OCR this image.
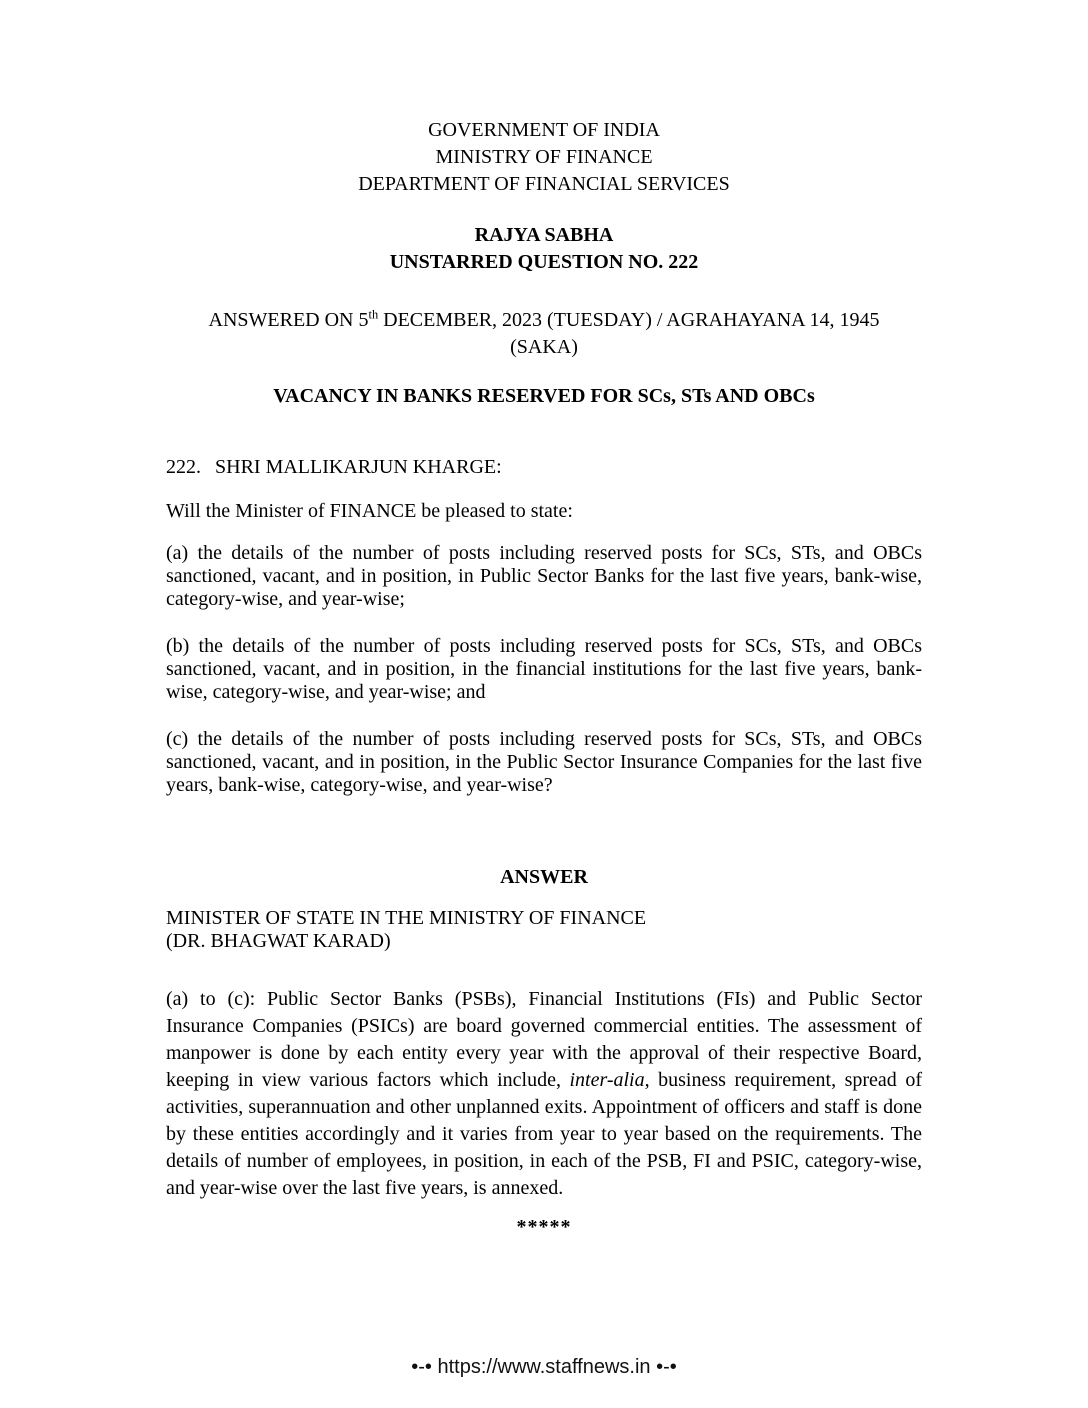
GOVERNMENT OF INDIA
MINISTRY OF FINANCE
DEPARTMENT OF FINANCIAL SERVICES
RAJYA SABHA
UNSTARRED QUESTION NO. 222
ANSWERED ON 5th DECEMBER, 2023 (TUESDAY) / AGRAHAYANA 14, 1945
(SAKA)
VACANCY IN BANKS RESERVED FOR SCs, STs AND OBCs
222. SHRI MALLIKARJUN KHARGE:
Will the Minister of FINANCE be pleased to state:
(a) the details of the number of posts including reserved posts for SCs, STs, and OBCs sanctioned, vacant, and in position, in Public Sector Banks for the last five years, bank-wise, category-wise, and year-wise;
(b) the details of the number of posts including reserved posts for SCs, STs, and OBCs sanctioned, vacant, and in position, in the financial institutions for the last five years, bank-wise, category-wise, and year-wise; and
(c) the details of the number of posts including reserved posts for SCs, STs, and OBCs sanctioned, vacant, and in position, in the Public Sector Insurance Companies for the last five years, bank-wise, category-wise, and year-wise?
ANSWER
MINISTER OF STATE IN THE MINISTRY OF FINANCE
(DR. BHAGWAT KARAD)
(a) to (c): Public Sector Banks (PSBs), Financial Institutions (FIs) and Public Sector Insurance Companies (PSICs) are board governed commercial entities. The assessment of manpower is done by each entity every year with the approval of their respective Board, keeping in view various factors which include, inter-alia, business requirement, spread of activities, superannuation and other unplanned exits. Appointment of officers and staff is done by these entities accordingly and it varies from year to year based on the requirements. The details of number of employees, in position, in each of the PSB, FI and PSIC, category-wise, and year-wise over the last five years, is annexed.
*****
•-• https://www.staffnews.in •-•
